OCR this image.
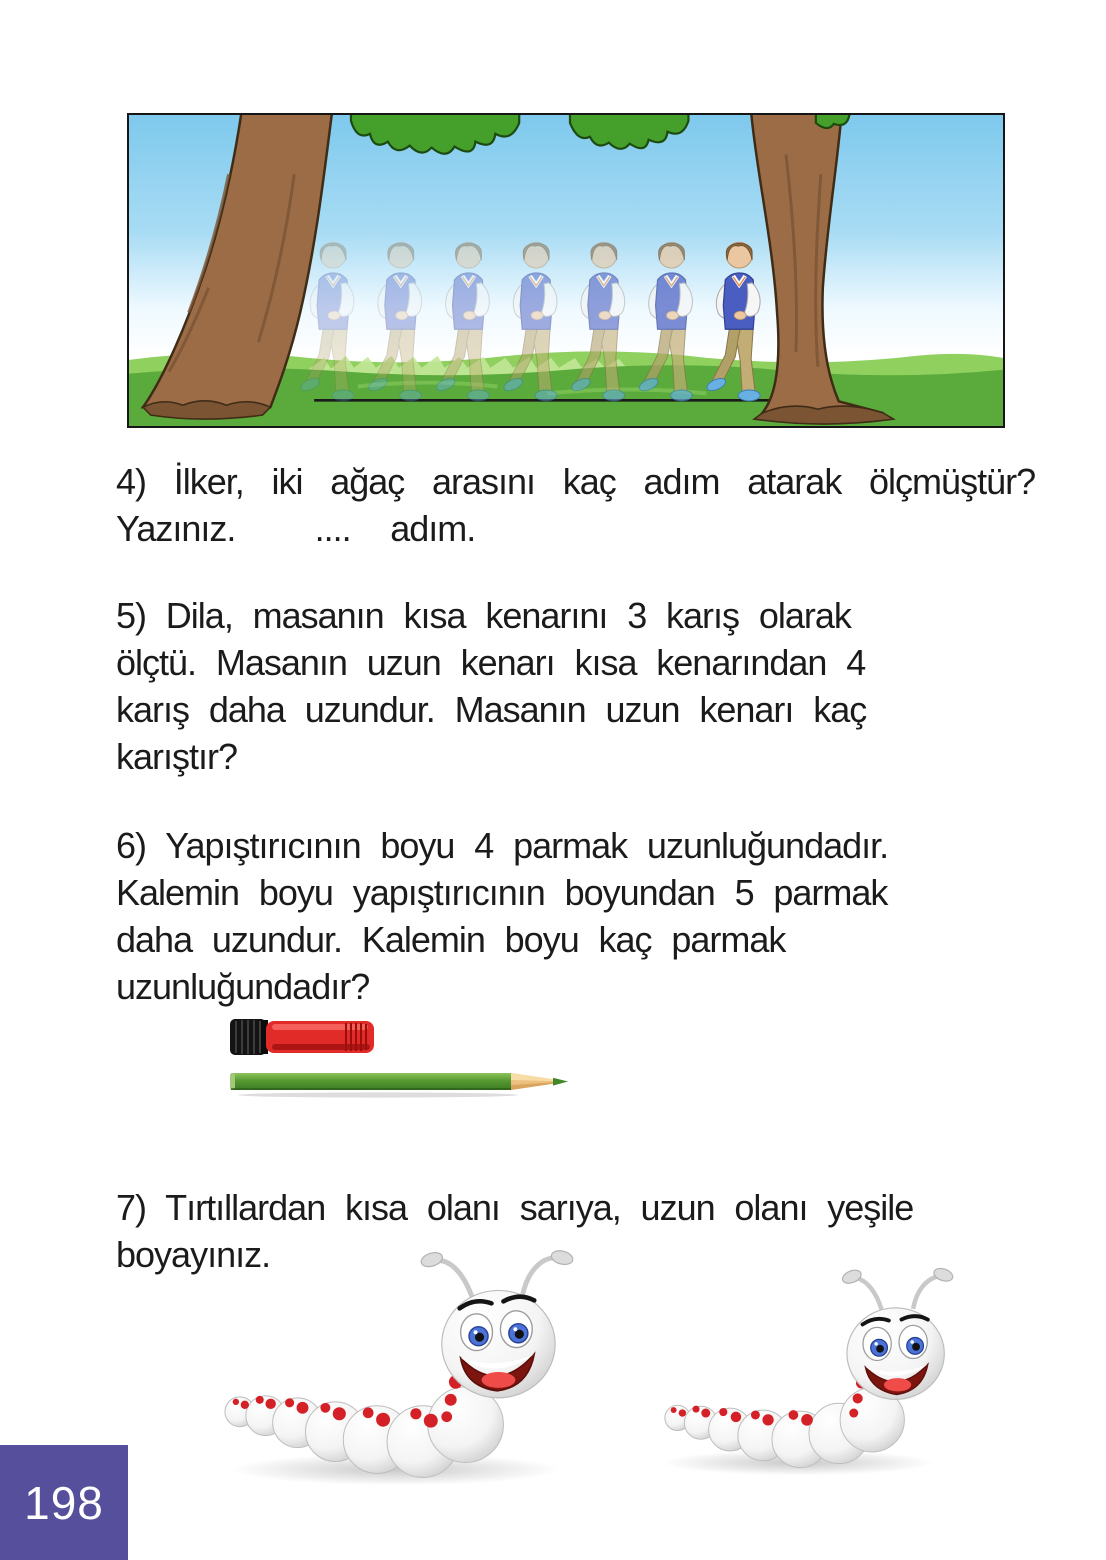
4) İlker, iki ağaç arasını kaç adım atarak ölçmüştür?
Yazınız.    ....  adım.
5) Dila, masanın kısa kenarını 3 karış olarak
ölçtü. Masanın uzun kenarı kısa kenarından 4
karış daha uzundur. Masanın uzun kenarı kaç
karıştır?
6) Yapıştırıcının boyu 4 parmak uzunluğundadır.
Kalemin boyu yapıştırıcının boyundan 5 parmak
daha uzundur. Kalemin boyu kaç parmak
uzunluğundadır?
7) Tırtıllardan kısa olanı sarıya, uzun olanı yeşile
boyayınız.
198
